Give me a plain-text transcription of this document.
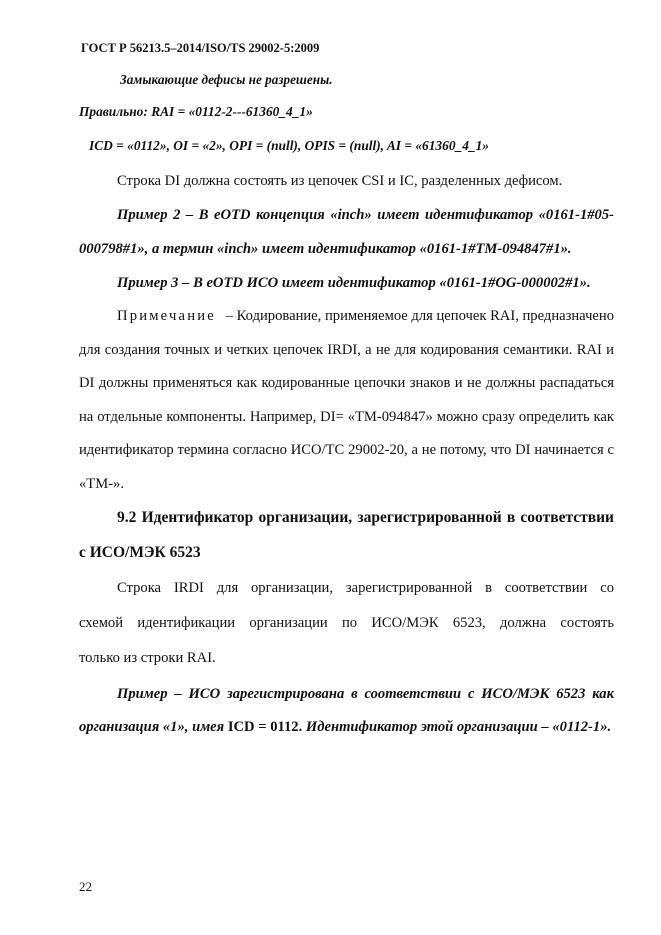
ГОСТ Р 56213.5–2014/ISO/TS 29002-5:2009

Замыкающие дефисы не разрешены.

Правильно: RAI = «0112-2---61360_4_1»

ICD = «0112», OI = «2», OPI = (null), OPIS = (null), AI = «61360_4_1»

Строка DI должна состоять из цепочек CSI и IC, разделенных дефисом.

Пример 2 – В eOTD концепция «inch» имеет идентификатор «0161-1#05-

000798#1», а термин «inch» имеет идентификатор «0161-1#TM-094847#1».

Пример 3 – В eOTD ИСО имеет идентификатор «0161-1#OG-000002#1».

Примечание – Кодирование, применяемое для цепочек RAI, предназначено

для создания точных и четких цепочек IRDI, а не для кодирования семантики. RAI и

DI должны применяться как кодированные цепочки знаков и не должны распадаться

на отдельные компоненты. Например, DI= «TM-094847» можно сразу определить как

идентификатор термина согласно ИСО/ТС 29002-20, а не потому, что DI начинается с

«TM-».

9.2 Идентификатор организации, зарегистрированной в соответствии

с ИСО/МЭК 6523

Строка IRDI для организации, зарегистрированной в соответствии со

схемой идентификации организации по ИСО/МЭК 6523, должна состоять

только из строки RAI.

Пример – ИСО зарегистрирована в соответствии с ИСО/МЭК 6523 как

организация «1», имея ICD = 0112. Идентификатор этой организации – «0112-1».

22
